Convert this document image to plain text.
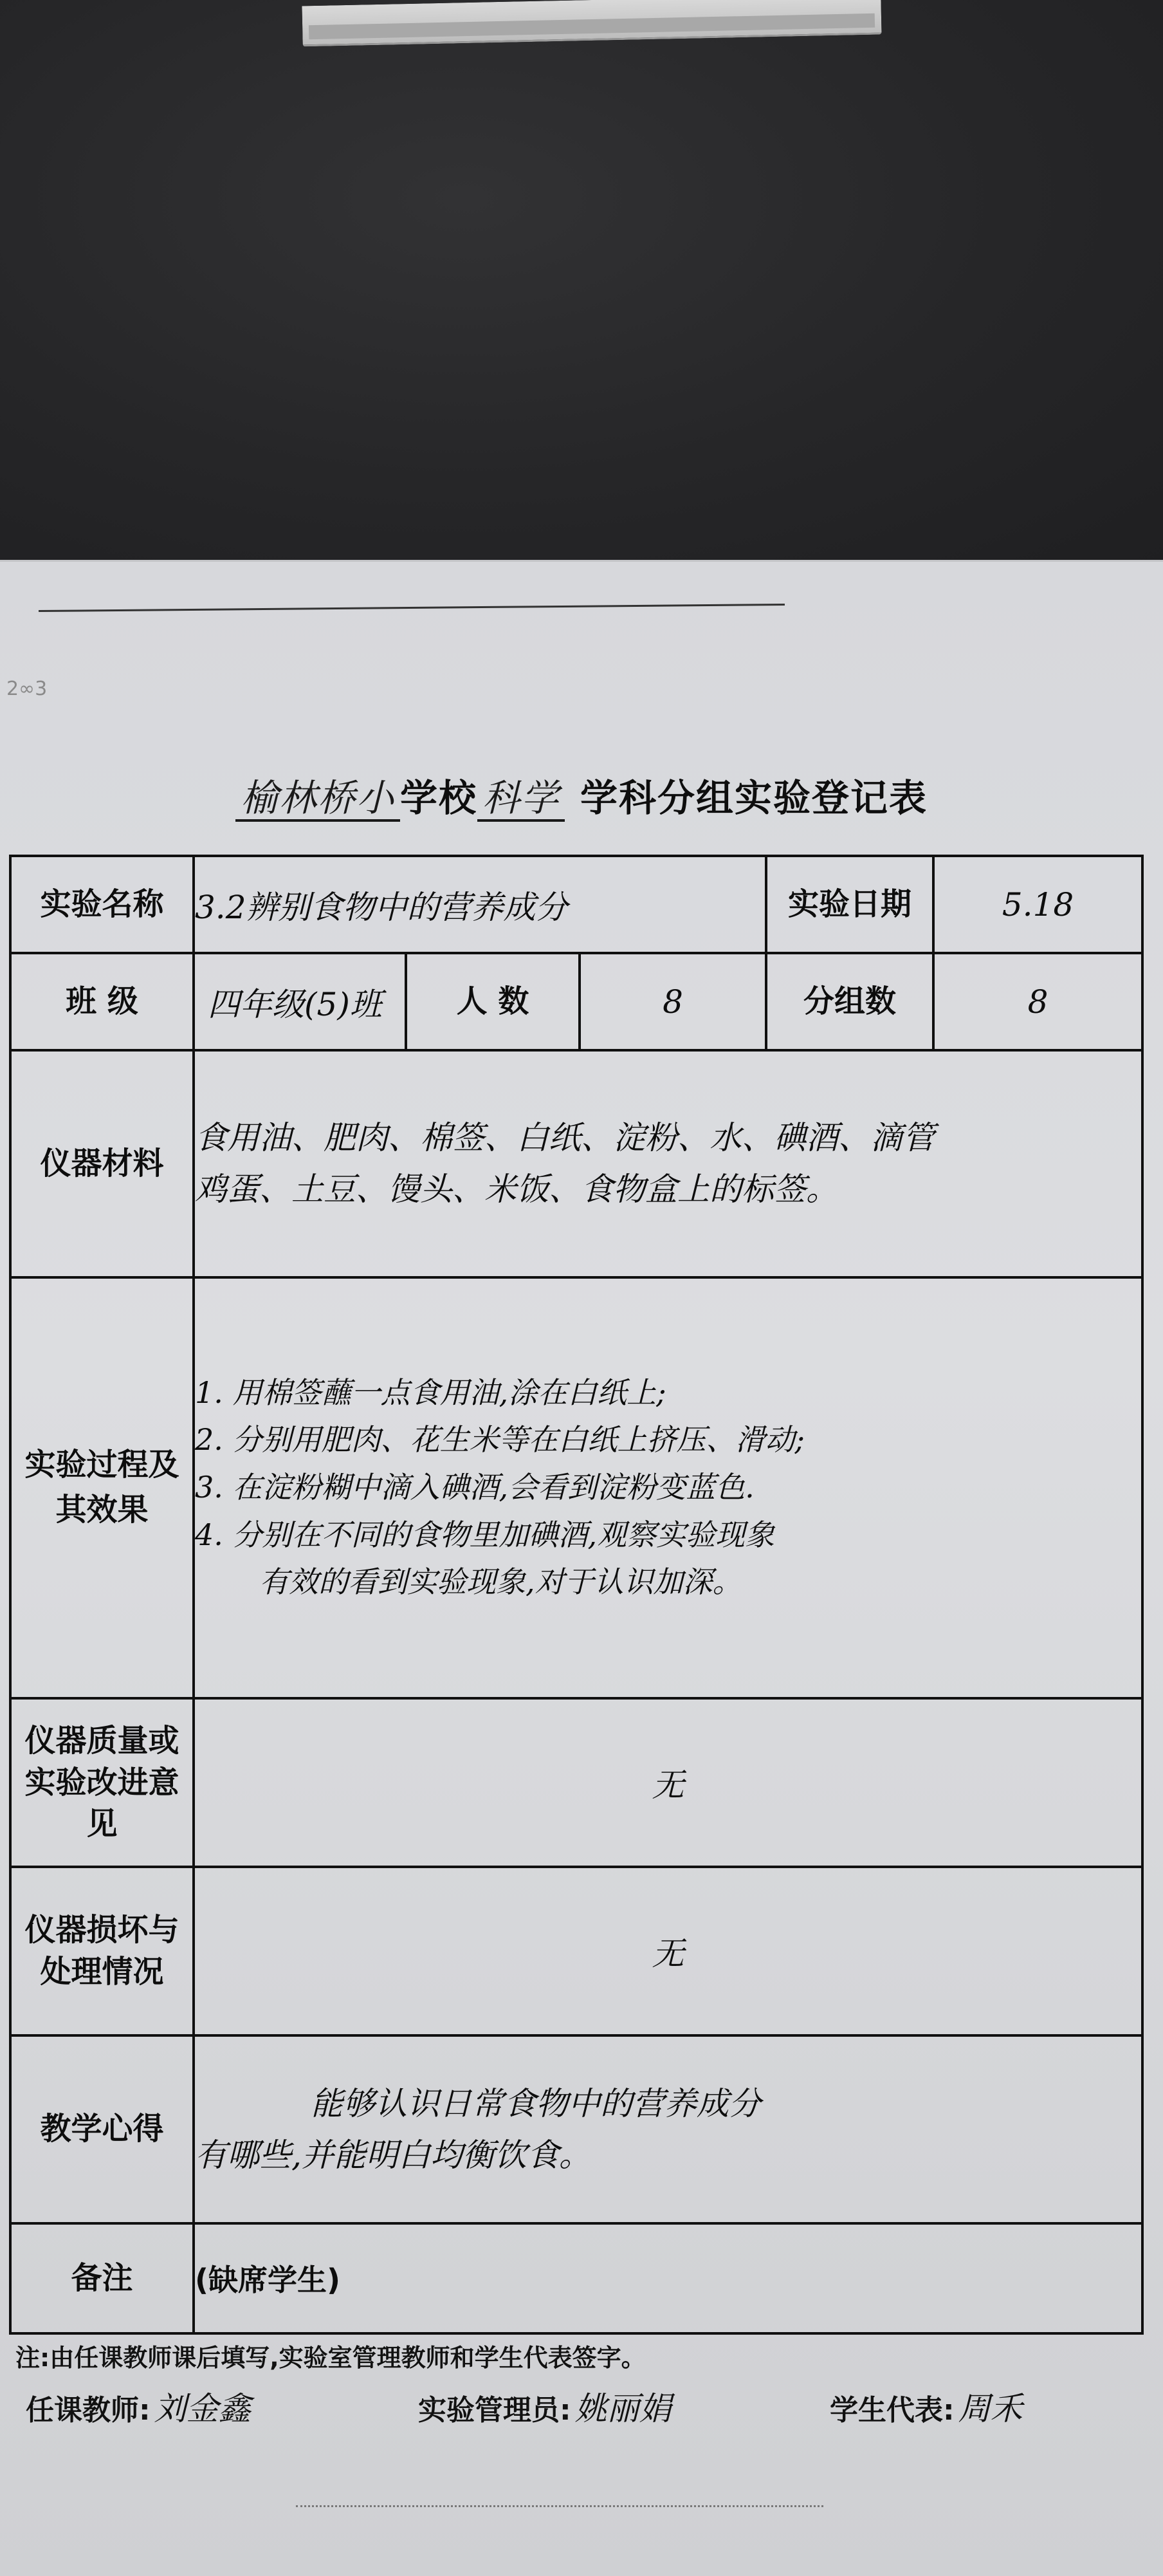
2∞3
榆林桥小 学校 科学 学科分组实验登记表
实验名称	3.2辨别食物中的营养成分			实验日期	5.18
班 级	四年级(5)班	人 数	8	分组数	8
仪器材料	食用油、肥肉、棉签、白纸、淀粉、水、碘酒、滴管
鸡蛋、土豆、馒头、米饭、食物盒上的标签。				

实验过程及其效果	1. 用棉签蘸一点食用油,涂在白纸上;
2. 分别用肥肉、花生米等在白纸上挤压、滑动;
3. 在淀粉糊中滴入碘酒,会看到淀粉变蓝色.
4. 分别在不同的食物里加碘酒,观察实验现象
有效的看到实验现象,对于认识加深。				

仪器质量或实验改进意见	无				
仪器损坏与处理情况	无				
教学心得	能够认识日常食物中的营养成分
有哪些,并能明白均衡饮食。				

备注	(缺席学生)				
注:由任课教师课后填写,实验室管理教师和学生代表签字。
任课教师: 刘金鑫	实验管理员: 姚丽娟	学生代表: 周禾
